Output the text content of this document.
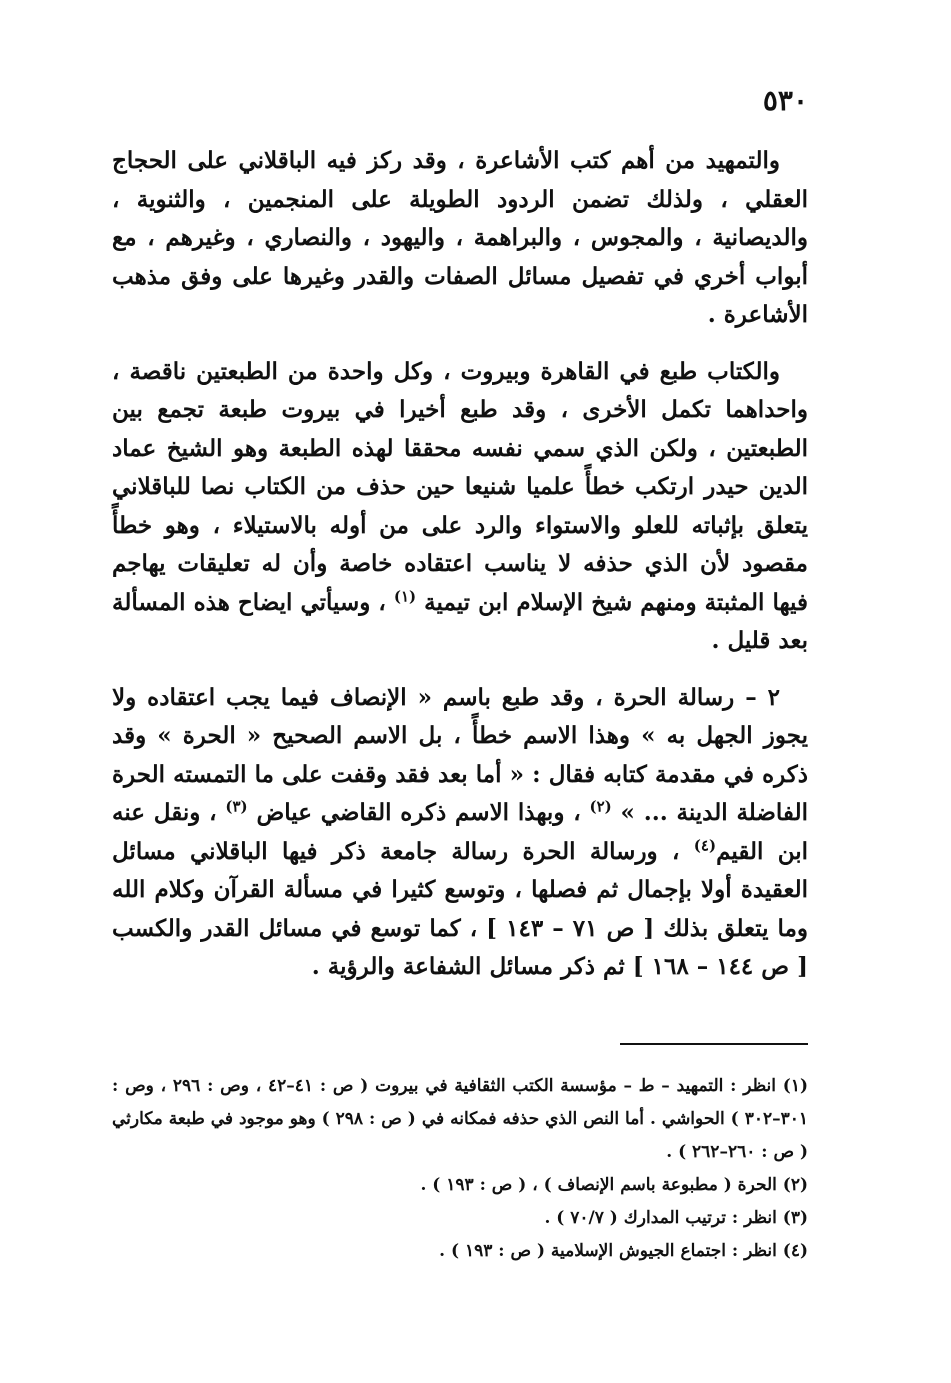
٥٣٠

والتمهيد من أهم كتب الأشاعرة ، وقد ركز فيه الباقلاني على الحجاج العقلي ، ولذلك تضمن الردود الطويلة على المنجمين ، والثنوية ، والديصانية ، والمجوس ، والبراهمة ، واليهود ، والنصاري ، وغيرهم ، مع أبواب أخري في تفصيل مسائل الصفات والقدر وغيرها على وفق مذهب الأشاعرة .

والكتاب طبع في القاهرة وبيروت ، وكل واحدة من الطبعتين ناقصة ، واحداهما تكمل الأخرى ، وقد طبع أخيرا في بيروت طبعة تجمع بين الطبعتين ، ولكن الذي سمي نفسه محققا لهذه الطبعة وهو الشيخ عماد الدين حيدر ارتكب خطأً علميا شنيعا حين حذف من الكتاب نصا للباقلاني يتعلق بإثباته للعلو والاستواء والرد على من أوله بالاستيلاء ، وهو خطأً مقصود لأن الذي حذفه لا يناسب اعتقاده خاصة وأن له تعليقات يهاجم فيها المثبتة ومنهم شيخ الإسلام ابن تيمية $^{(١)}$ ، وسيأتي ايضاح هذه المسألة بعد قليل .

٢ – رسالة الحرة ، وقد طبع باسم « الإنصاف فيما يجب اعتقاده ولا يجوز الجهل به » وهذا الاسم خطأً ، بل الاسم الصحيح « الحرة » وقد ذكره في مقدمة كتابه فقال : « أما بعد فقد وقفت على ما التمسته الحرة الفاضلة الدينة ... » $^{(٢)}$ ، وبهذا الاسم ذكره القاضي عياض $^{(٣)}$ ، ونقل عنه ابن القيم$^{(٤)}$ ، ورسالة الحرة رسالة جامعة ذكر فيها الباقلاني مسائل العقيدة أولا بإجمال ثم فصلها ، وتوسع كثيرا في مسألة القرآن وكلام الله وما يتعلق بذلك [ ص ٧١ – ١٤٣ ] ، كما توسع في مسائل القدر والكسب [ ص ١٤٤ – ١٦٨ ] ثم ذكر مسائل الشفاعة والرؤية .

(١) انظر : التمهيد – ط – مؤسسة الكتب الثقافية في بيروت ( ص : ٤١–٤٢ ، وص : ٢٩٦ ، وص : ٣٠١–٣٠٢ ) الحواشي . أما النص الذي حذفه فمكانه في ( ص : ٢٩٨ ) وهو موجود في طبعة مكارثي ( ص : ٢٦٠–٢٦٢ ) .

(٢) الحرة ( مطبوعة باسم الإنصاف ) ، ( ص : ١٩٣ ) .

(٣) انظر : ترتيب المدارك ( ٧٠/٧ ) .

(٤) انظر : اجتماع الجيوش الإسلامية ( ص : ١٩٣ ) .
